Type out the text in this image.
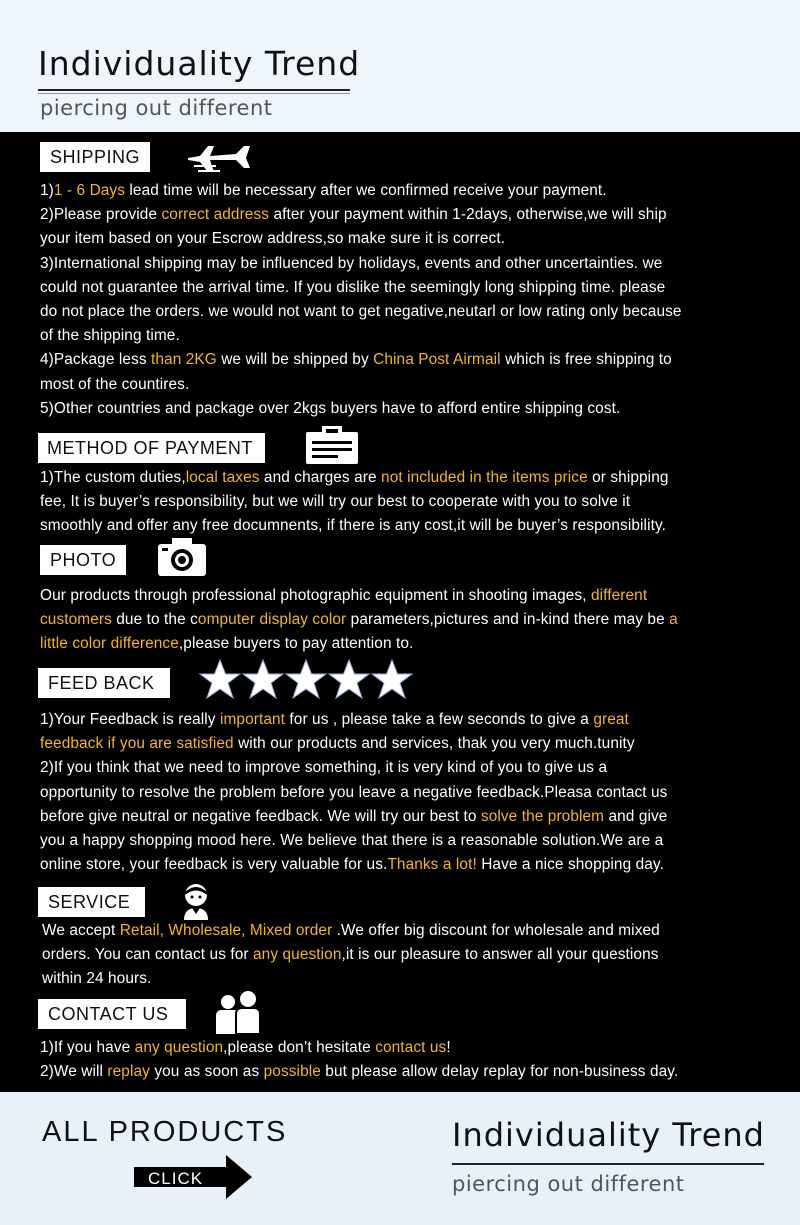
Individuality Trend
piercing out different
SHIPPING
1)1 - 6 Days lead time will be necessary after we confirmed receive your payment.
2)Please provide correct address after your payment within 1-2days, otherwise,we will ship
your item based on your Escrow address,so make sure it is correct.
3)International shipping may be influenced by holidays, events and other uncertainties. we
could not guarantee the arrival time. If you dislike the seemingly long shipping time. please
do not place the orders. we would not want to get negative,neutarl or low rating only because
of the shipping time.
4)Package less than 2KG we will be shipped by China Post Airmail which is free shipping to
most of the countires.
5)Other countries and package over 2kgs buyers have to afford entire shipping cost.
METHOD OF PAYMENT
1)The custom duties,local taxes and charges are not included in the items price or shipping
fee, It is buyer’s responsibility, but we will try our best to cooperate with you to solve it
smoothly and offer any free documnents, if there is any cost,it will be buyer’s responsibility.
PHOTO
Our products through professional photographic equipment in shooting images, different
customers due to the computer display color parameters,pictures and in-kind there may be a
little color difference,please buyers to pay attention to.
FEED BACK
1)Your Feedback is really important for us , please take a few seconds to give a great
feedback if you are satisfied with our products and services, thak you very much.tunity
2)If you think that we need to improve something, it is very kind of you to give us a
opportunity to resolve the problem before you leave a negative feedback.Pleasa contact us
before give neutral or negative feedback. We will try our best to solve the problem and give
you a happy shopping mood here. We believe that there is a reasonable solution.We are a
online store, your feedback is very valuable for us.Thanks a lot! Have a nice shopping day.
SERVICE
We accept Retail, Wholesale, Mixed order .We offer big discount for wholesale and mixed
orders. You can contact us for any question,it is our pleasure to answer all your questions
within 24 hours.
CONTACT US
1)If you have any question,please don’t hesitate contact us!
2)We will replay you as soon as possible but please allow delay replay for non-business day.
ALL PRODUCTS
CLICK
Individuality Trend
piercing out different
